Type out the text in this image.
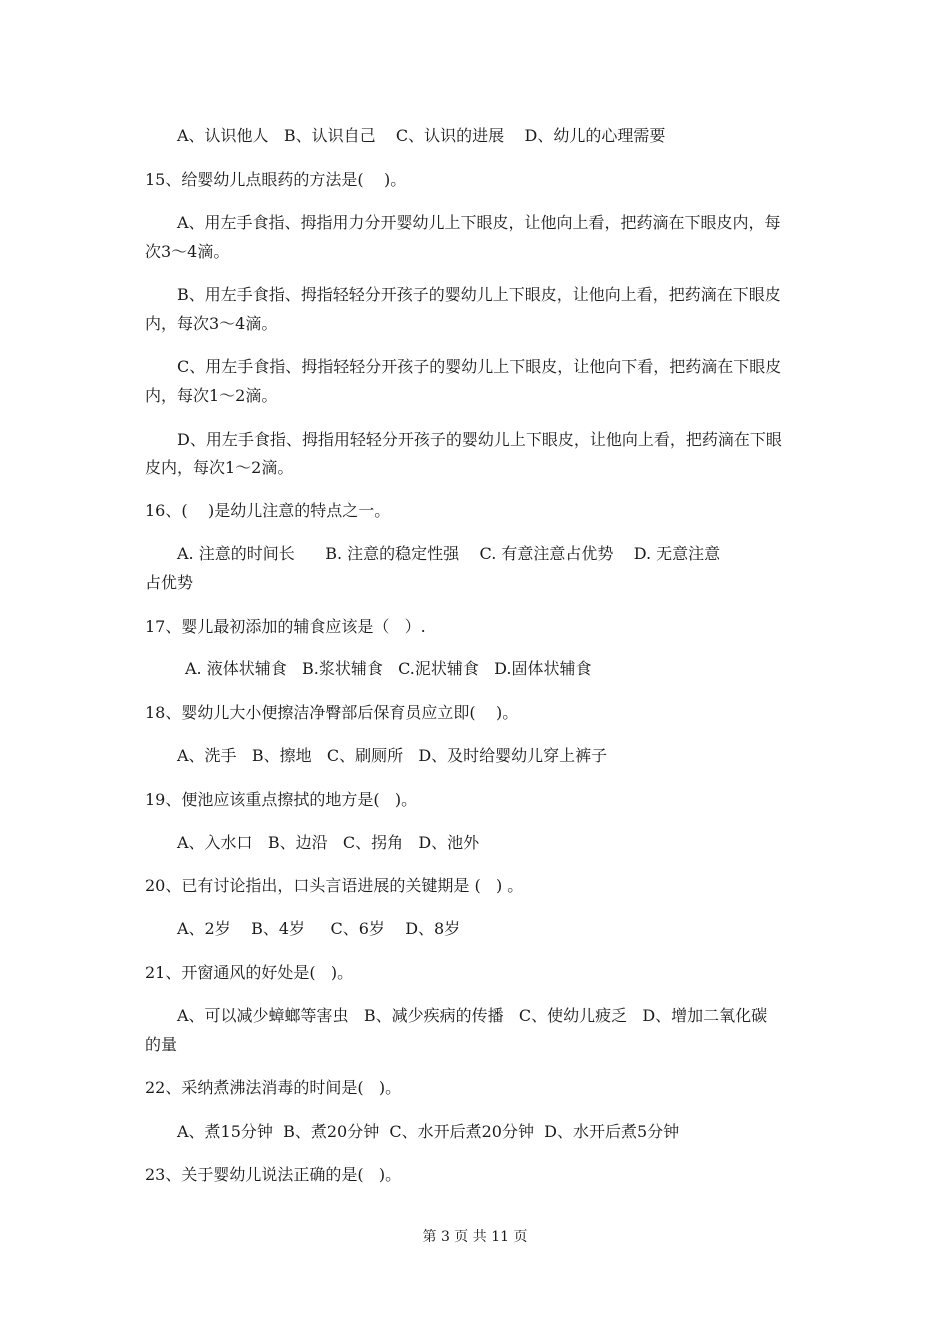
A、认识他人   B、认识自己    C、认识的进展    D、幼儿的心理需要
15、给婴幼儿点眼药的方法是(    )。
A、用左手食指、拇指用力分开婴幼儿上下眼皮，让他向上看，把药滴在下眼皮内，每
次3～4滴。
B、用左手食指、拇指轻轻分开孩子的婴幼儿上下眼皮，让他向上看，把药滴在下眼皮
内，每次3～4滴。
C、用左手食指、拇指轻轻分开孩子的婴幼儿上下眼皮，让他向下看，把药滴在下眼皮
内，每次1～2滴。
D、用左手食指、拇指用轻轻分开孩子的婴幼儿上下眼皮，让他向上看，把药滴在下眼
皮内，每次1～2滴。
16、(    )是幼儿注意的特点之一。
A. 注意的时间长      B. 注意的稳定性强    C. 有意注意占优势    D. 无意注意
占优势
17、婴儿最初添加的辅食应该是（   ）.
A. 液体状辅食   B.浆状辅食   C.泥状辅食   D.固体状辅食
18、婴幼儿大小便擦洁净臀部后保育员应立即(    )。
A、洗手   B、擦地   C、刷厕所   D、及时给婴幼儿穿上裤子
19、便池应该重点擦拭的地方是(   )。
A、入水口   B、边沿   C、拐角   D、池外
20、已有讨论指出，口头言语进展的关键期是 (   ) 。
A、2岁    B、4岁     C、6岁    D、8岁
21、开窗通风的好处是(   )。
A、可以减少蟑螂等害虫   B、减少疾病的传播   C、使幼儿疲乏   D、增加二氧化碳
的量
22、采纳煮沸法消毒的时间是(   )。
A、煮15分钟  B、煮20分钟  C、水开后煮20分钟  D、水开后煮5分钟
23、关于婴幼儿说法正确的是(   )。
第 3 页 共 11 页
